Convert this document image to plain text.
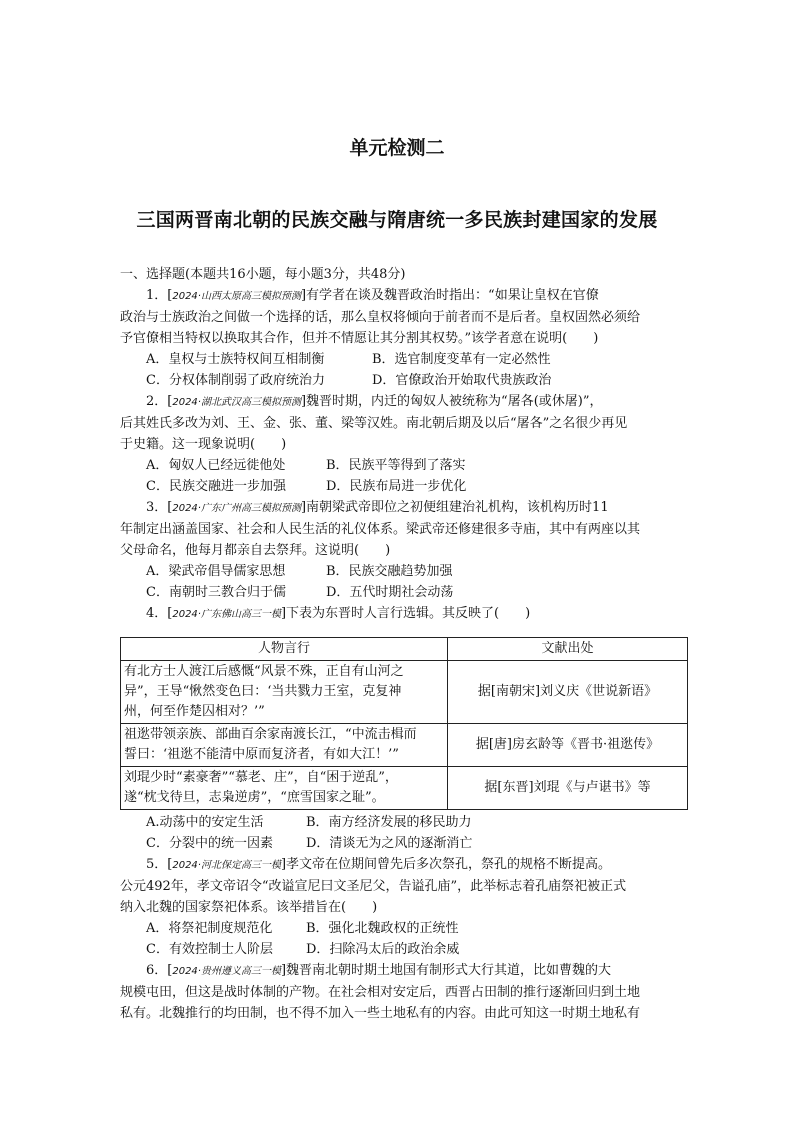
单元检测二
三国两晋南北朝的民族交融与隋唐统一多民族封建国家的发展
一、选择题(本题共16小题，每小题3分，共48分)
1．[2024·山西太原高三模拟预测]有学者在谈及魏晋政治时指出：“如果让皇权在官僚
政治与士族政治之间做一个选择的话，那么皇权将倾向于前者而不是后者。皇权固然必须给
予官僚相当特权以换取其合作，但并不情愿让其分割其权势。”该学者意在说明(　　)
A．皇权与士族特权间互相制衡	B．选官制度变革有一定必然性
C．分权体制削弱了政府统治力	D．官僚政治开始取代贵族政治
2．[2024·湖北武汉高三模拟预测]魏晋时期，内迁的匈奴人被统称为“屠各(或休屠)”，
后其姓氏多改为刘、王、金、张、董、梁等汉姓。南北朝后期及以后“屠各”之名很少再见
于史籍。这一现象说明(　　)
A．匈奴人已经远徙他处	B．民族平等得到了落实
C．民族交融进一步加强	D．民族布局进一步优化
3．[2024·广东广州高三模拟预测]南朝梁武帝即位之初便组建治礼机构，该机构历时11
年制定出涵盖国家、社会和人民生活的礼仪体系。梁武帝还修建很多寺庙，其中有两座以其
父母命名，他每月都亲自去祭拜。这说明(　　)
A．梁武帝倡导儒家思想	B．民族交融趋势加强
C．南朝时三教合归于儒	D．五代时期社会动荡
4．[2024·广东佛山高三一模]下表为东晋时人言行选辑。其反映了(　　)
人物言行	文献出处

有北方士人渡江后感慨“风景不殊，正自有山河之
异”，王导“愀然变色曰：‘当共戮力王室，克复神
州，何至作楚囚相对？’”	据[南朝宋]刘义庆《世说新语》

祖逖带领亲族、部曲百余家南渡长江，“中流击楫而
誓曰：‘祖逖不能清中原而复济者，有如大江！’”	据[唐]房玄龄等《晋书·祖逖传》

刘琨少时“素豪奢”“慕老、庄”，自“困于逆乱”，
遂“枕戈待旦，志枭逆虏”，“庶雪国家之耻”。	据[东晋]刘琨《与卢谌书》等
A.动荡中的安定生活	B．南方经济发展的移民助力
C．分裂中的统一因素	D．清谈无为之风的逐渐消亡
5．[2024·河北保定高三一模]孝文帝在位期间曾先后多次祭孔，祭孔的规格不断提高。
公元492年，孝文帝诏令“改谥宣尼曰文圣尼父，告谥孔庙”，此举标志着孔庙祭祀被正式
纳入北魏的国家祭祀体系。该举措旨在(　　)
A．将祭祀制度规范化	B．强化北魏政权的正统性
C．有效控制士人阶层	D．扫除冯太后的政治余威
6．[2024·贵州遵义高三一模]魏晋南北朝时期土地国有制形式大行其道，比如曹魏的大
规模屯田，但这是战时体制的产物。在社会相对安定后，西晋占田制的推行逐渐回归到土地
私有。北魏推行的均田制，也不得不加入一些土地私有的内容。由此可知这一时期土地私有
